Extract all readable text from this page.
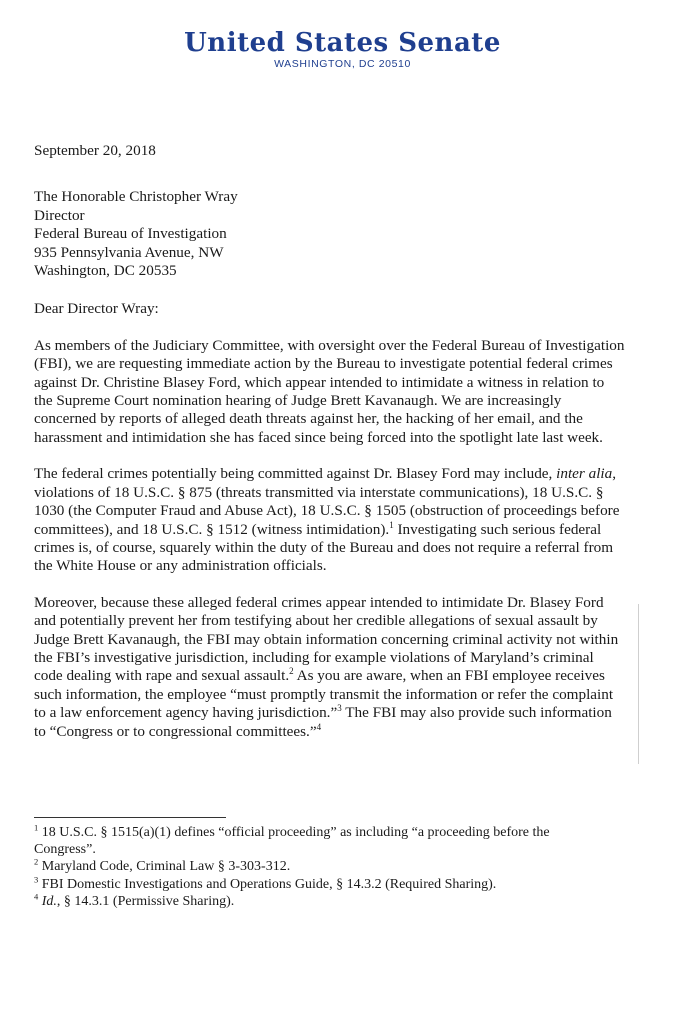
United States Senate
WASHINGTON, DC 20510
September 20, 2018
The Honorable Christopher Wray
Director
Federal Bureau of Investigation
935 Pennsylvania Avenue, NW
Washington, DC 20535
Dear Director Wray:

As members of the Judiciary Committee, with oversight over the Federal Bureau of Investigation
(FBI), we are requesting immediate action by the Bureau to investigate potential federal crimes
against Dr. Christine Blasey Ford, which appear intended to intimidate a witness in relation to
the Supreme Court nomination hearing of Judge Brett Kavanaugh. We are increasingly
concerned by reports of alleged death threats against her, the hacking of her email, and the
harassment and intimidation she has faced since being forced into the spotlight late last week.

The federal crimes potentially being committed against Dr. Blasey Ford may include, inter alia,
violations of 18 U.S.C. § 875 (threats transmitted via interstate communications), 18 U.S.C. §
1030 (the Computer Fraud and Abuse Act), 18 U.S.C. § 1505 (obstruction of proceedings before
committees), and 18 U.S.C. § 1512 (witness intimidation).$^1$ Investigating such serious federal
crimes is, of course, squarely within the duty of the Bureau and does not require a referral from
the White House or any administration officials.

Moreover, because these alleged federal crimes appear intended to intimidate Dr. Blasey Ford
and potentially prevent her from testifying about her credible allegations of sexual assault by
Judge Brett Kavanaugh, the FBI may obtain information concerning criminal activity not within
the FBI’s investigative jurisdiction, including for example violations of Maryland’s criminal
code dealing with rape and sexual assault.$^2$ As you are aware, when an FBI employee receives
such information, the employee “must promptly transmit the information or refer the complaint
to a law enforcement agency having jurisdiction.”$^3$ The FBI may also provide such information
to “Congress or to congressional committees.”$^4$

$^1$ 18 U.S.C. § 1515(a)(1) defines “official proceeding” as including “a proceeding before the
Congress”.
$^2$ Maryland Code, Criminal Law § 3-303-312.
$^3$ FBI Domestic Investigations and Operations Guide, § 14.3.2 (Required Sharing).
$^4$ Id., § 14.3.1 (Permissive Sharing).
